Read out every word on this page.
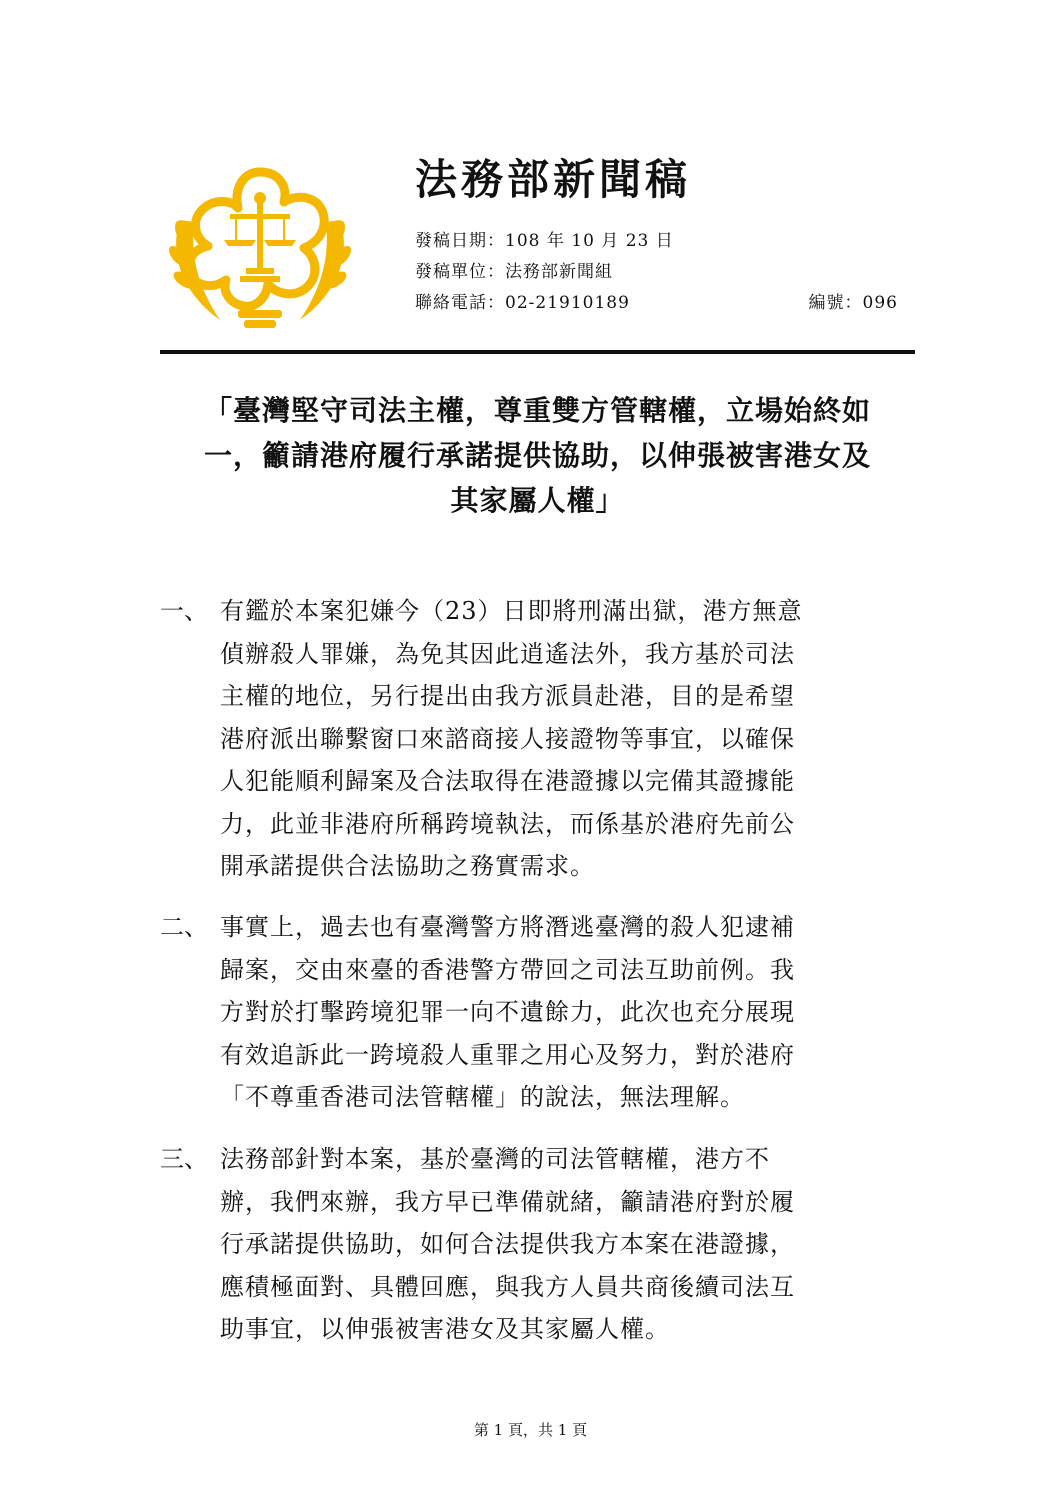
法務部新聞稿
發稿日期：108 年 10 月 23 日
發稿單位：法務部新聞組
聯絡電話：02-21910189	編號：096
「臺灣堅守司法主權，尊重雙方管轄權，立場始終如
一，籲請港府履行承諾提供協助，以伸張被害港女及
其家屬人權」
一、 有鑑於本案犯嫌今（23）日即將刑滿出獄，港方無意
偵辦殺人罪嫌，為免其因此逍遙法外，我方基於司法
主權的地位，另行提出由我方派員赴港，目的是希望
港府派出聯繫窗口來諮商接人接證物等事宜，以確保
人犯能順利歸案及合法取得在港證據以完備其證據能
力，此並非港府所稱跨境執法，而係基於港府先前公
開承諾提供合法協助之務實需求。
二、 事實上，過去也有臺灣警方將潛逃臺灣的殺人犯逮補
歸案，交由來臺的香港警方帶回之司法互助前例。我
方對於打擊跨境犯罪一向不遺餘力，此次也充分展現
有效追訴此一跨境殺人重罪之用心及努力，對於港府
「不尊重香港司法管轄權」的說法，無法理解。
三、 法務部針對本案，基於臺灣的司法管轄權，港方不
辦，我們來辦，我方早已準備就緒，籲請港府對於履
行承諾提供協助，如何合法提供我方本案在港證據，
應積極面對、具體回應，與我方人員共商後續司法互
助事宜，以伸張被害港女及其家屬人權。
第 1 頁，共 1 頁
